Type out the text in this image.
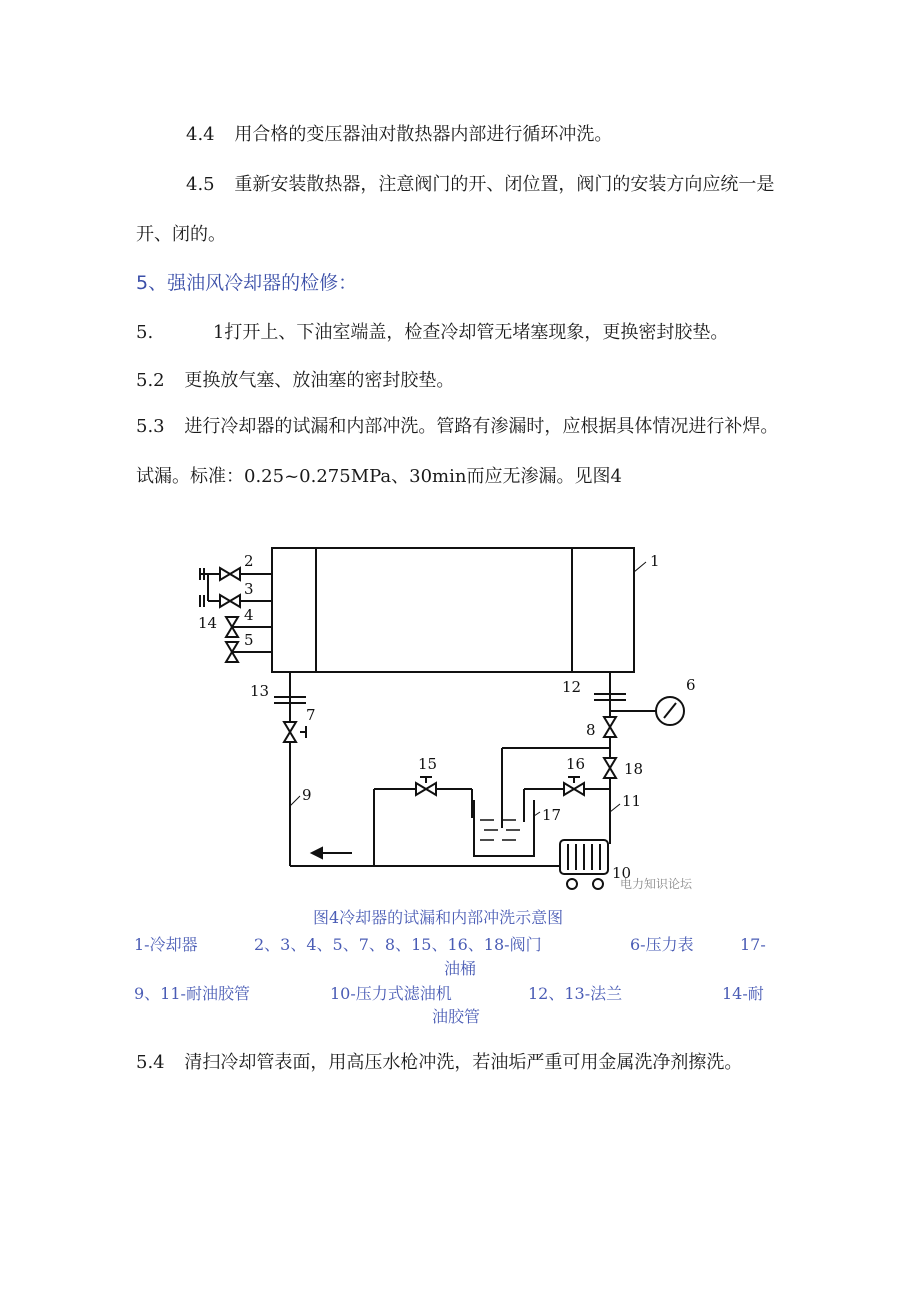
4.4 用合格的变压器油对散热器内部进行循环冲洗。
4.5 重新安装散热器，注意阀门的开、闭位置，阀门的安装方向应统一是
开、闭的。
5、强油风冷却器的检修：
5.	1打开上、下油室端盖，检查冷却管无堵塞现象，更换密封胶垫。
5.2 更换放气塞、放油塞的密封胶垫。
5.3 进行冷却器的试漏和内部冲洗。管路有渗漏时，应根据具体情况进行补焊。
试漏。标准：0.25~0.275MPa、30min而应无渗漏。见图4
1
2
3
4
5
14
6
7
8
9
10
11
12
13
15	16
17
18
电力知识论坛
图4冷却器的试漏和内部冲洗示意图
1-冷却器	2、3、4、5、7、8、15、16、18-阀门	6-压力表	17-
油桶
9、11-耐油胶管	10-压力式滤油机	12、13-法兰	14-耐
油胶管
5.4 清扫冷却管表面，用高压水枪冲洗，若油垢严重可用金属洗净剂擦洗。
